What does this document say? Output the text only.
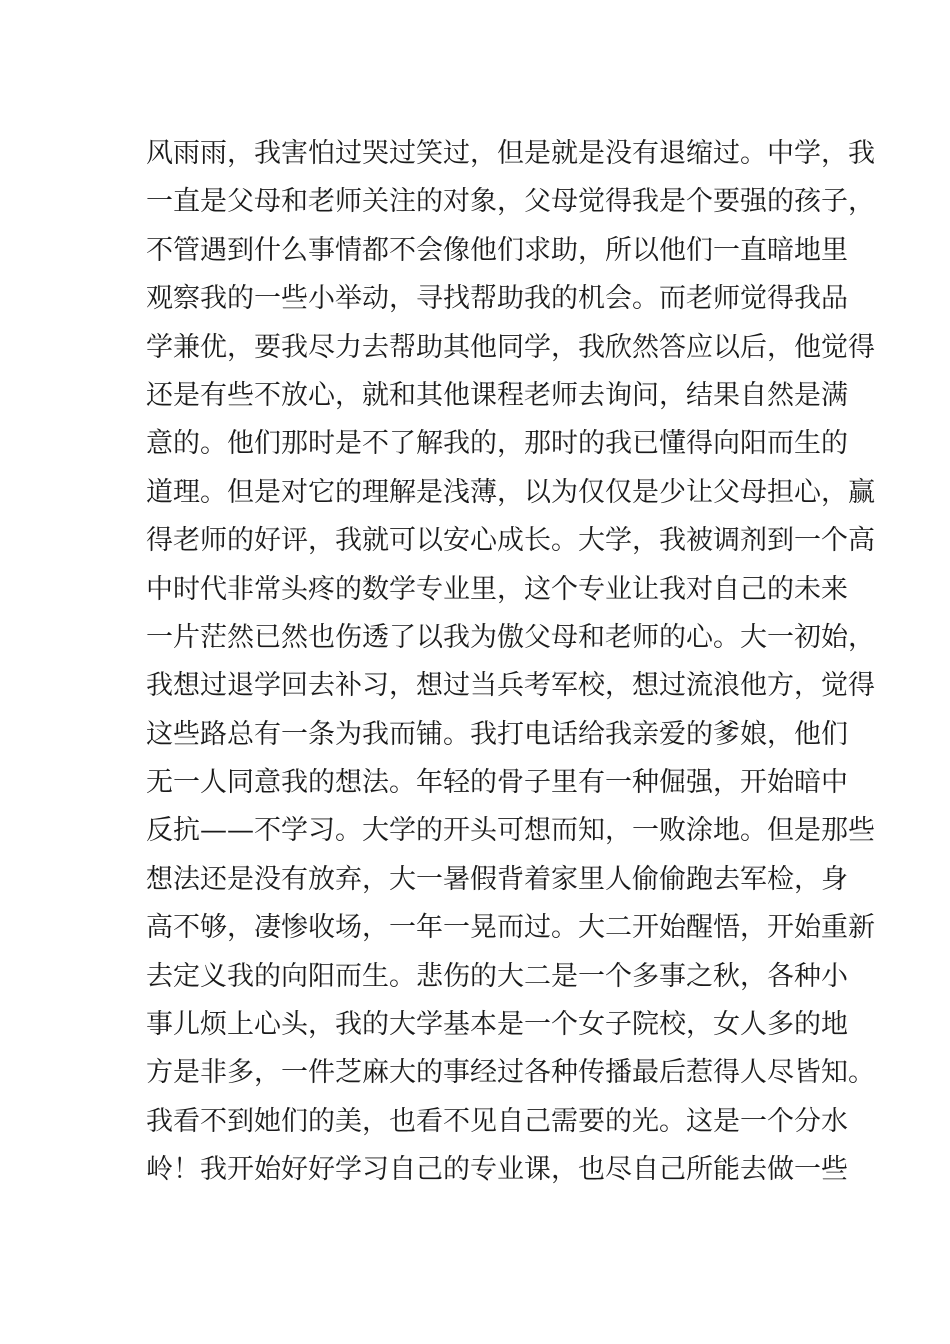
风雨雨，我害怕过哭过笑过，但是就是没有退缩过。中学，我
一直是父母和老师关注的对象，父母觉得我是个要强的孩子，
不管遇到什么事情都不会像他们求助，所以他们一直暗地里
观察我的一些小举动，寻找帮助我的机会。而老师觉得我品
学兼优，要我尽力去帮助其他同学，我欣然答应以后，他觉得
还是有些不放心，就和其他课程老师去询问，结果自然是满
意的。他们那时是不了解我的，那时的我已懂得向阳而生的
道理。但是对它的理解是浅薄，以为仅仅是少让父母担心，赢
得老师的好评，我就可以安心成长。大学，我被调剂到一个高
中时代非常头疼的数学专业里，这个专业让我对自己的未来
一片茫然已然也伤透了以我为傲父母和老师的心。大一初始，
我想过退学回去补习，想过当兵考军校，想过流浪他方，觉得
这些路总有一条为我而铺。我打电话给我亲爱的爹娘，他们
无一人同意我的想法。年轻的骨子里有一种倔强，开始暗中
反抗——不学习。大学的开头可想而知，一败涂地。但是那些
想法还是没有放弃，大一暑假背着家里人偷偷跑去军检，身
高不够，凄惨收场，一年一晃而过。大二开始醒悟，开始重新
去定义我的向阳而生。悲伤的大二是一个多事之秋，各种小
事儿烦上心头，我的大学基本是一个女子院校，女人多的地
方是非多，一件芝麻大的事经过各种传播最后惹得人尽皆知。
我看不到她们的美，也看不见自己需要的光。这是一个分水
岭！我开始好好学习自己的专业课，也尽自己所能去做一些
